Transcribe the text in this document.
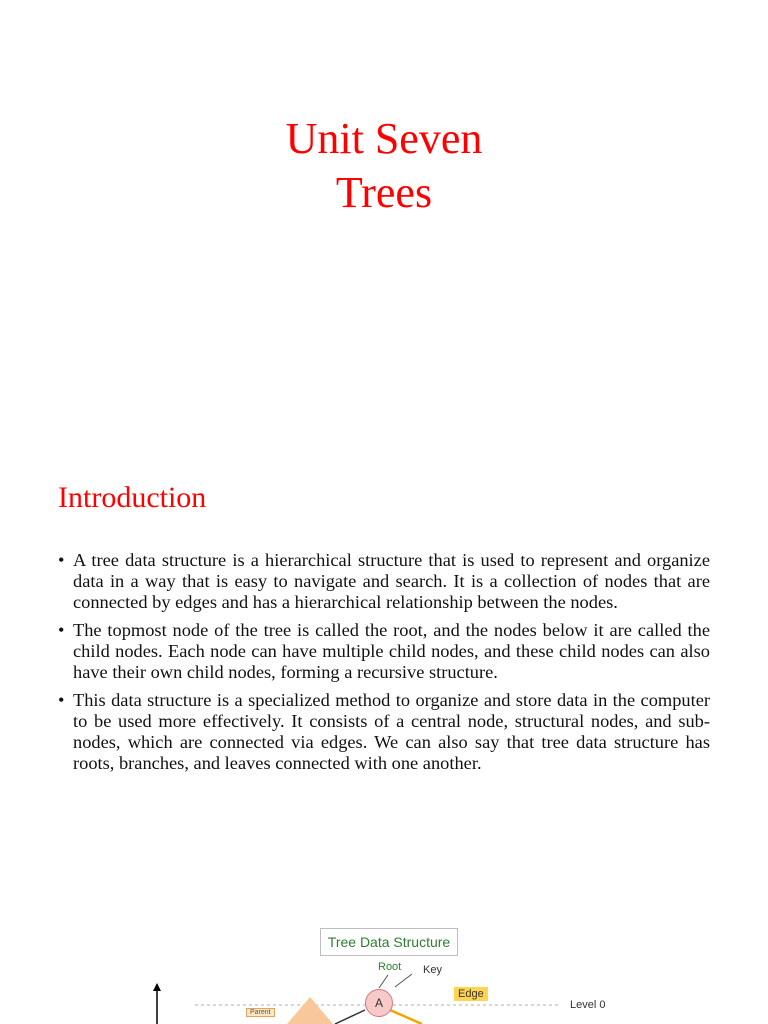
Unit Seven
Trees
Introduction
• A tree data structure is a hierarchical structure that is used to represent and organize data in a way that is easy to navigate and search. It is a collection of nodes that are connected by edges and has a hierarchical relationship between the nodes.
• The topmost node of the tree is called the root, and the nodes below it are called the child nodes. Each node can have multiple child nodes, and these child nodes can also have their own child nodes, forming a recursive structure.
• This data structure is a specialized method to organize and store data in the computer to be used more effectively. It consists of a central node, structural nodes, and sub-nodes, which are connected via edges. We can also say that tree data structure has roots, branches, and leaves connected with one another.
Tree Data Structure
Root Key
Edge
Level 0
Parent
A
